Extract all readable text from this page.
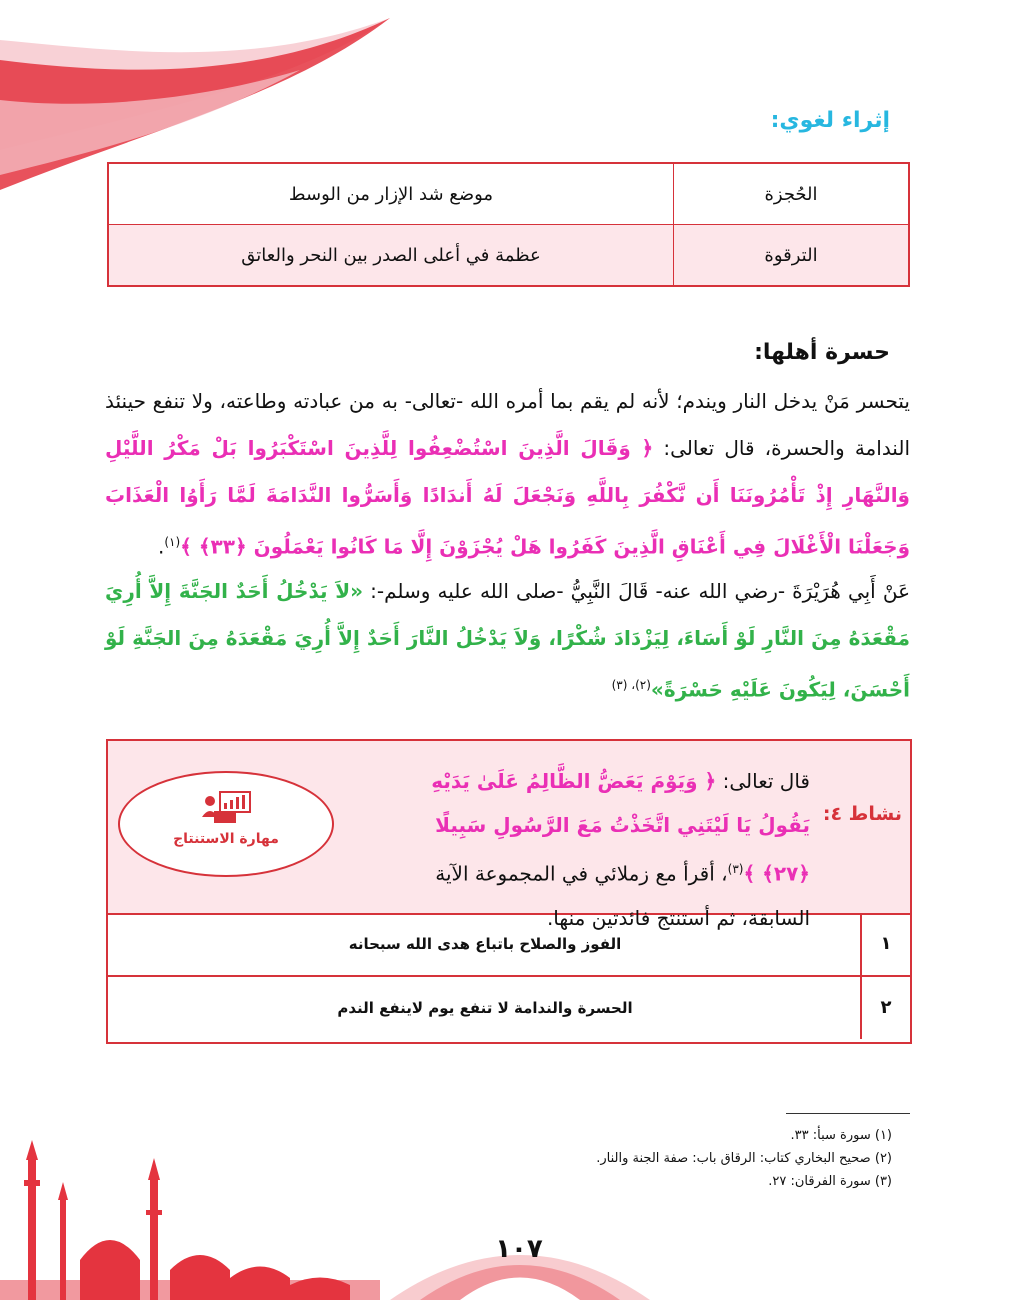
إثراء لغوي:
الحُجزة	موضع شد الإزار من الوسط
الترقوة	عظمة في أعلى الصدر بين النحر والعاتق
حسرة أهلها:
يتحسر مَنْ يدخل النار ويندم؛ لأنه لم يقم بما أمره الله -تعالى- به من عبادته وطاعته، ولا تنفع حينئذ الندامة والحسرة، قال تعالى: ﴿ وَقَالَ الَّذِينَ اسْتُضْعِفُوا لِلَّذِينَ اسْتَكْبَرُوا بَلْ مَكْرُ اللَّيْلِ وَالنَّهَارِ إِذْ تَأْمُرُونَنَا أَن نَّكْفُرَ بِاللَّهِ وَنَجْعَلَ لَهُ أَندَادًا وَأَسَرُّوا النَّدَامَةَ لَمَّا رَأَوُا الْعَذَابَ وَجَعَلْنَا الْأَغْلَالَ فِي أَعْنَاقِ الَّذِينَ كَفَرُوا هَلْ يُجْزَوْنَ إِلَّا مَا كَانُوا يَعْمَلُونَ ﴿٣٣﴾ ﴾$^{(١)}$.
عَنْ أَبِي هُرَيْرَةَ -رضي الله عنه- قَالَ النَّبِيُّ -صلى الله عليه وسلم-: «لاَ يَدْخُلُ أَحَدٌ الجَنَّةَ إِلاَّ أُرِيَ مَقْعَدَهُ مِنَ النَّارِ لَوْ أَسَاءَ، لِيَزْدَادَ شُكْرًا، وَلاَ يَدْخُلُ النَّارَ أَحَدٌ إِلاَّ أُرِيَ مَقْعَدَهُ مِنَ الجَنَّةِ لَوْ أَحْسَنَ، لِيَكُونَ عَلَيْهِ حَسْرَةً»$^{(٢)، (٣)}$
نشاط ٤:
قال تعالى: ﴿ وَيَوْمَ يَعَضُّ الظَّالِمُ عَلَىٰ يَدَيْهِ يَقُولُ يَا لَيْتَنِي اتَّخَذْتُ مَعَ الرَّسُولِ سَبِيلًا ﴿٢٧﴾ ﴾$^{(٣)}$، أقرأ مع زملائي في المجموعة الآية السابقة، ثم أستنتج فائدتين منها.
مهارة الاستنتاج
١
الفوز والصلاح باتباع هدى الله سبحانه
٢
الحسرة والندامة لا تنفع يوم لاينفع الندم
(١) سورة سبأ: ٣٣.
(٢) صحيح البخاري كتاب: الرقاق باب: صفة الجنة والنار.
(٣) سورة الفرقان: ٢٧.
١٠٧
